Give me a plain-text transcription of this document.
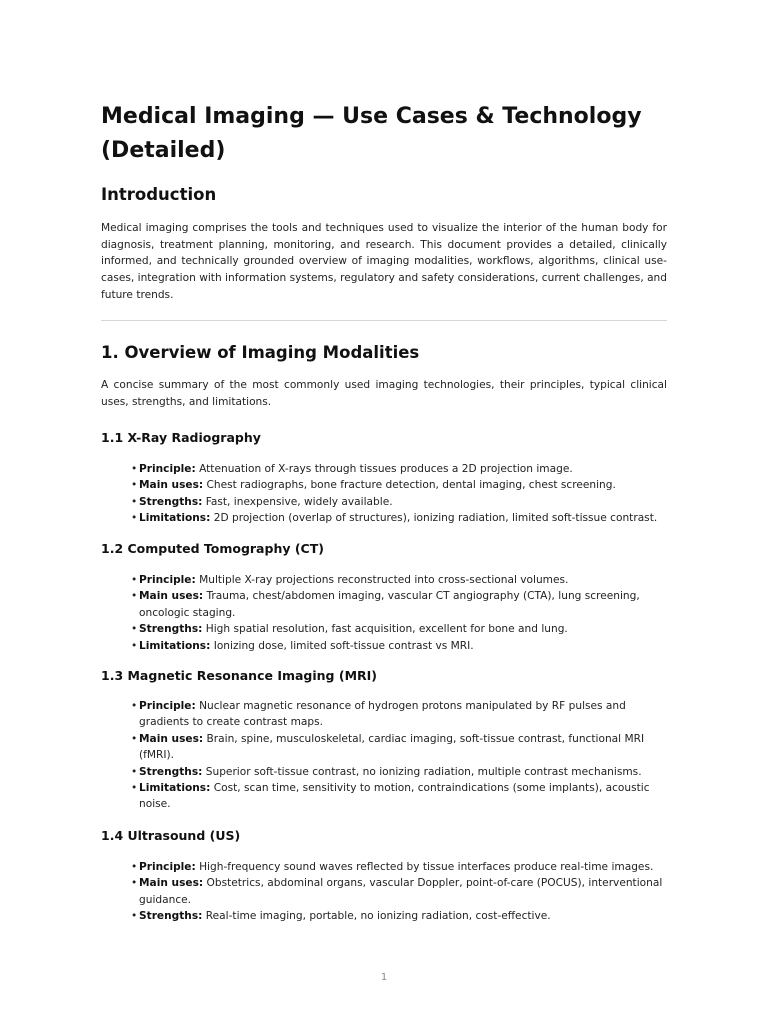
Medical Imaging — Use Cases & Technology (Detailed)
Introduction

Medical imaging comprises the tools and techniques used to visualize the interior of the human body for diagnosis, treatment planning, monitoring, and research. This document provides a detailed, clinically informed, and technically grounded overview of imaging modalities, workflows, algorithms, clinical use-cases, integration with information systems, regulatory and safety considerations, current challenges, and future trends.

1. Overview of Imaging Modalities

A concise summary of the most commonly used imaging technologies, their principles, typical clinical uses, strengths, and limitations.

1.1 X-Ray Radiography
• Principle: Attenuation of X-rays through tissues produces a 2D projection image.
• Main uses: Chest radiographs, bone fracture detection, dental imaging, chest screening.
• Strengths: Fast, inexpensive, widely available.
• Limitations: 2D projection (overlap of structures), ionizing radiation, limited soft-tissue contrast.
1.2 Computed Tomography (CT)
• Principle: Multiple X-ray projections reconstructed into cross-sectional volumes.
• Main uses: Trauma, chest/abdomen imaging, vascular CT angiography (CTA), lung screening, oncologic staging.
• Strengths: High spatial resolution, fast acquisition, excellent for bone and lung.
• Limitations: Ionizing dose, limited soft-tissue contrast vs MRI.
1.3 Magnetic Resonance Imaging (MRI)
• Principle: Nuclear magnetic resonance of hydrogen protons manipulated by RF pulses and gradients to create contrast maps.
• Main uses: Brain, spine, musculoskeletal, cardiac imaging, soft-tissue contrast, functional MRI (fMRI).
• Strengths: Superior soft-tissue contrast, no ionizing radiation, multiple contrast mechanisms.
• Limitations: Cost, scan time, sensitivity to motion, contraindications (some implants), acoustic noise.
1.4 Ultrasound (US)
• Principle: High-frequency sound waves reflected by tissue interfaces produce real-time images.
• Main uses: Obstetrics, abdominal organs, vascular Doppler, point-of-care (POCUS), interventional guidance.
• Strengths: Real-time imaging, portable, no ionizing radiation, cost-effective.
1
